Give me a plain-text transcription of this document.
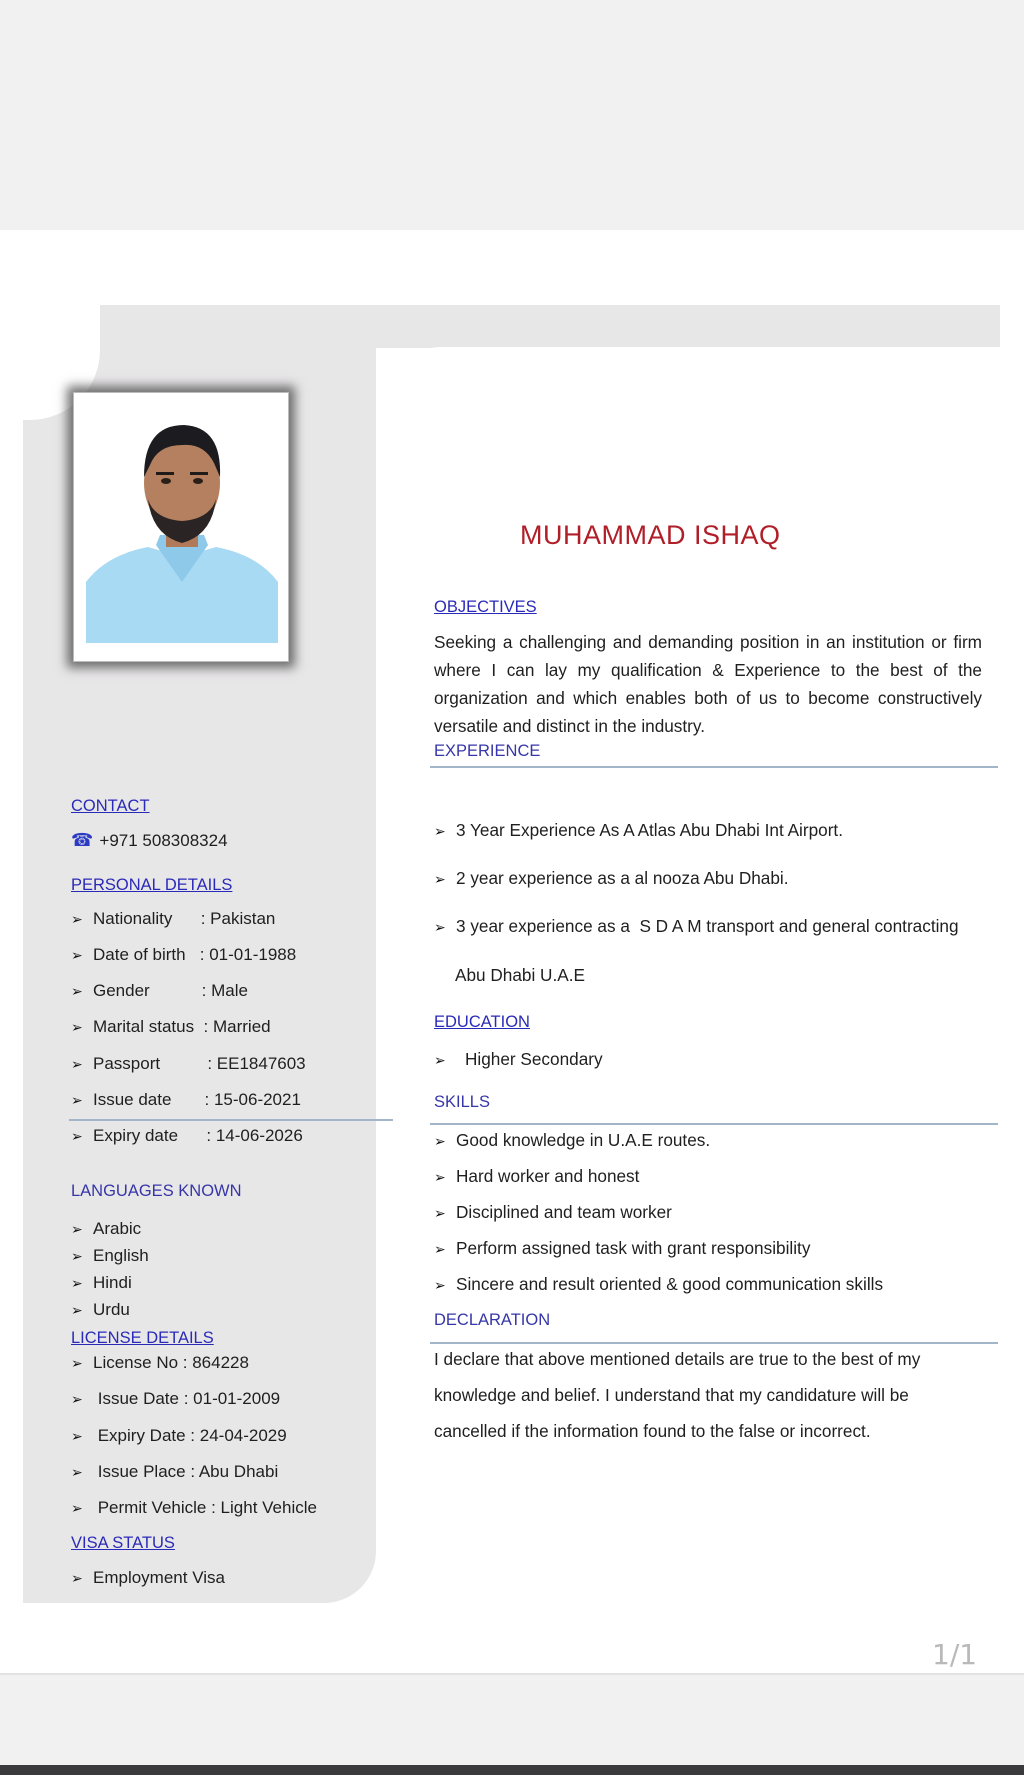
CONTACT
☎ +971 508308324
PERSONAL DETAILS
➢ Nationality      : Pakistan
➢ Date of birth   : 01-01-1988
➢ Gender           : Male
➢ Marital status  : Married
➢ Passport          : EE1847603
➢ Issue date       : 15-06-2021
➢ Expiry date      : 14-06-2026
LANGUAGES KNOWN
➢ Arabic
➢ English
➢ Hindi
➢ Urdu
LICENSE DETAILS
➢ License No : 864228
➢ Issue Date : 01-01-2009
➢ Expiry Date : 24-04-2029
➢ Issue Place : Abu Dhabi
➢ Permit Vehicle : Light Vehicle
VISA STATUS
➢ Employment Visa
MUHAMMAD ISHAQ
OBJECTIVES
Seeking a challenging and demanding position in an institution or firm where I can lay my qualification & Experience to the best of the organization and which enables both of us to become constructively versatile and distinct in the industry.
EXPERIENCE
➢ 3 Year Experience As A Atlas Abu Dhabi Int Airport.
➢ 2 year experience as a al nooza Abu Dhabi.
➢ 3 year experience as a  S D A M transport and general contracting
Abu Dhabi U.A.E
EDUCATION
➢ Higher Secondary
SKILLS
➢ Good knowledge in U.A.E routes.
➢ Hard worker and honest
➢ Disciplined and team worker
➢ Perform assigned task with grant responsibility
➢ Sincere and result oriented & good communication skills
DECLARATION
I declare that above mentioned details are true to the best of my
knowledge and belief. I understand that my candidature will be
cancelled if the information found to the false or incorrect.
1/1
